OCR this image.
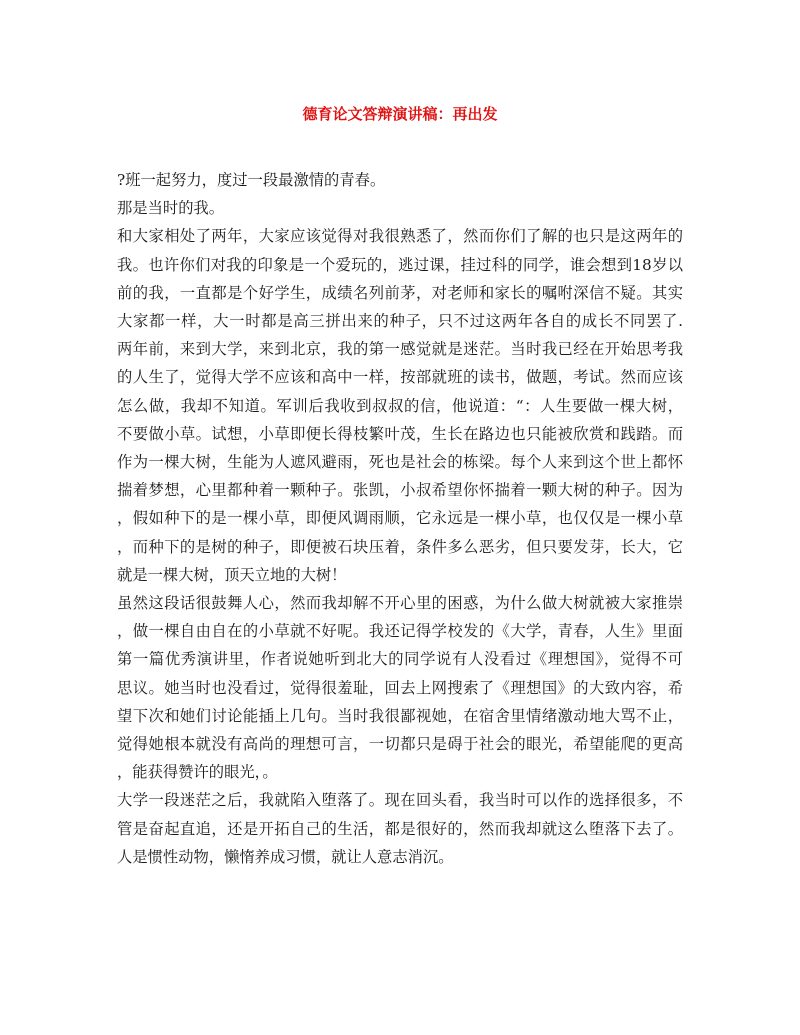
德育论文答辩演讲稿：再出发

?班一起努力，度过一段最激情的青春。

那是当时的我。

和大家相处了两年，大家应该觉得对我很熟悉了，然而你们了解的也只是这两年的

我。也许你们对我的印象是一个爱玩的，逃过课，挂过科的同学，谁会想到18岁以

前的我，一直都是个好学生，成绩名列前茅，对老师和家长的嘱咐深信不疑。其实

大家都一样，大一时都是高三拼出来的种子，只不过这两年各自的成长不同罢了.

两年前，来到大学，来到北京，我的第一感觉就是迷茫。当时我已经在开始思考我

的人生了，觉得大学不应该和高中一样，按部就班的读书，做题，考试。然而应该

怎么做，我却不知道。军训后我收到叔叔的信，他说道：“：人生要做一棵大树，

不要做小草。试想，小草即便长得枝繁叶茂，生长在路边也只能被欣赏和践踏。而

作为一棵大树，生能为人遮风避雨，死也是社会的栋梁。每个人来到这个世上都怀

揣着梦想，心里都种着一颗种子。张凯，小叔希望你怀揣着一颗大树的种子。因为

，假如种下的是一棵小草，即便风调雨顺，它永远是一棵小草，也仅仅是一棵小草

，而种下的是树的种子，即便被石块压着，条件多么恶劣，但只要发芽，长大，它

就是一棵大树，顶天立地的大树！

虽然这段话很鼓舞人心，然而我却解不开心里的困惑，为什么做大树就被大家推崇

，做一棵自由自在的小草就不好呢。我还记得学校发的《大学，青春，人生》里面

第一篇优秀演讲里，作者说她听到北大的同学说有人没看过《理想国》，觉得不可

思议。她当时也没看过，觉得很羞耻，回去上网搜索了《理想国》的大致内容，希

望下次和她们讨论能插上几句。当时我很鄙视她，在宿舍里情绪激动地大骂不止，

觉得她根本就没有高尚的理想可言，一切都只是碍于社会的眼光，希望能爬的更高

，能获得赞许的眼光，。

大学一段迷茫之后，我就陷入堕落了。现在回头看，我当时可以作的选择很多，不

管是奋起直追，还是开拓自己的生活，都是很好的，然而我却就这么堕落下去了。

人是惯性动物，懒惰养成习惯，就让人意志消沉。
